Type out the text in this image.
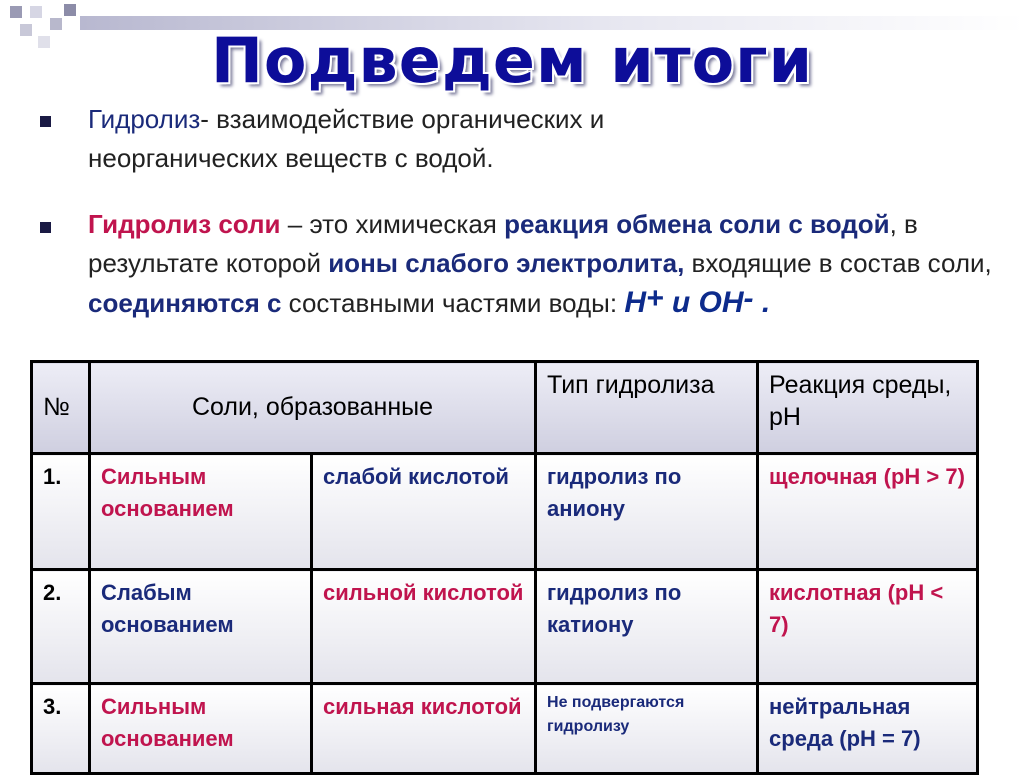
Подведем итоги
Гидролиз- взаимодействие органических и
неорганических веществ с водой.
Гидролиз соли – это химическая реакция обмена соли с водой, в результате которой ионы слабого электролита, входящие в состав соли, соединяются с составными частями воды: H+ и OH- .
№	Соли, образованные		Тип гидролиза	Реакция среды, pH
1.	Сильным основанием	слабой кислотой	гидролиз по аниону	щелочная (pH > 7)
2.	Слабым основанием	сильной кислотой	гидролиз по катиону	кислотная (pH < 7)
3.	Сильным основанием	сильная кислотой	Не подвергаются гидролизу	нейтральная среда (pH = 7)
